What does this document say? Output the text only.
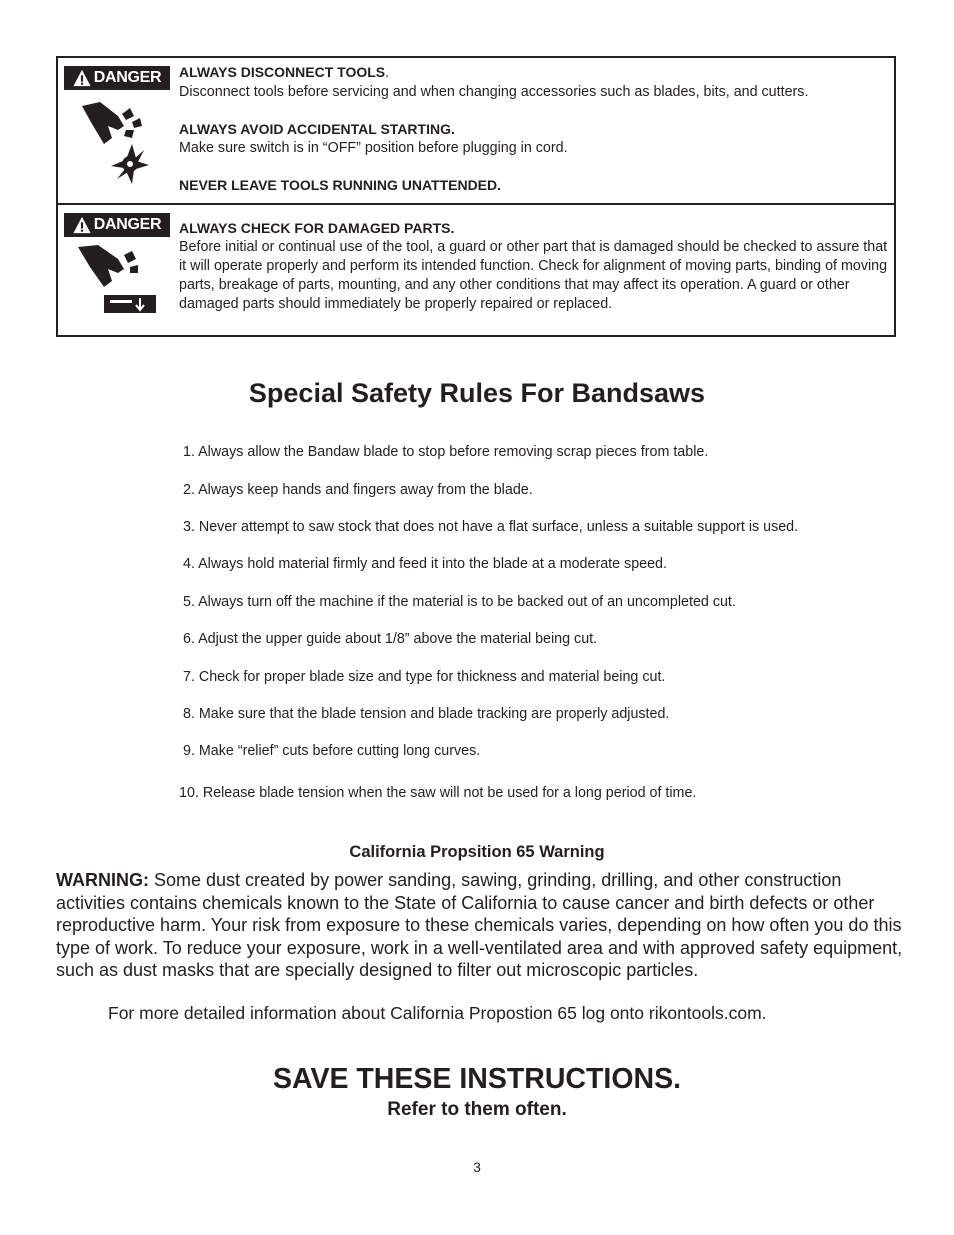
DANGER ALWAYS DISCONNECT TOOLS.

Disconnect tools before servicing and when changing accessories such as blades, bits, and cutters.

ALWAYS AVOID ACCIDENTAL STARTING.

Make sure switch is in “OFF” position before plugging in cord.

NEVER LEAVE TOOLS RUNNING UNATTENDED.

DANGER ALWAYS CHECK FOR DAMAGED PARTS.

Before initial or continual use of the tool, a guard or other part that is damaged should be checked to assure that it will operate properly and perform its intended function. Check for alignment of moving parts, binding of moving parts, breakage of parts, mounting, and any other conditions that may affect its operation. A guard or other damaged parts should immediately be properly repaired or replaced.

Special Safety Rules For Bandsaws
1. Always allow the Bandaw blade to stop before removing scrap pieces from table.
2. Always keep hands and fingers away from the blade.
3. Never attempt to saw stock that does not have a flat surface, unless a suitable support is used.
4. Always hold material firmly and feed it into the blade at a moderate speed.
5. Always turn off the machine if the material is to be backed out of an uncompleted cut.
6. Adjust the upper guide about 1/8” above the material being cut.
7. Check for proper blade size and type for thickness and material being cut.
8. Make sure that the blade tension and blade tracking are properly adjusted.
9. Make “relief” cuts before cutting long curves.
10. Release blade tension when the saw will not be used for a long period of time.
California Propsition 65 Warning
WARNING: Some dust created by power sanding, sawing, grinding, drilling, and other construction activities contains chemicals known to the State of California to cause cancer and birth defects or other reproductive harm. Your risk from exposure to these chemicals varies, depending on how often you do this type of work. To reduce your exposure, work in a well-ventilated area and with approved safety equipment, such as dust masks that are specially designed to filter out microscopic particles.
For more detailed information about California Propostion 65 log onto rikontools.com.
SAVE THESE INSTRUCTIONS.
Refer to them often.
3
